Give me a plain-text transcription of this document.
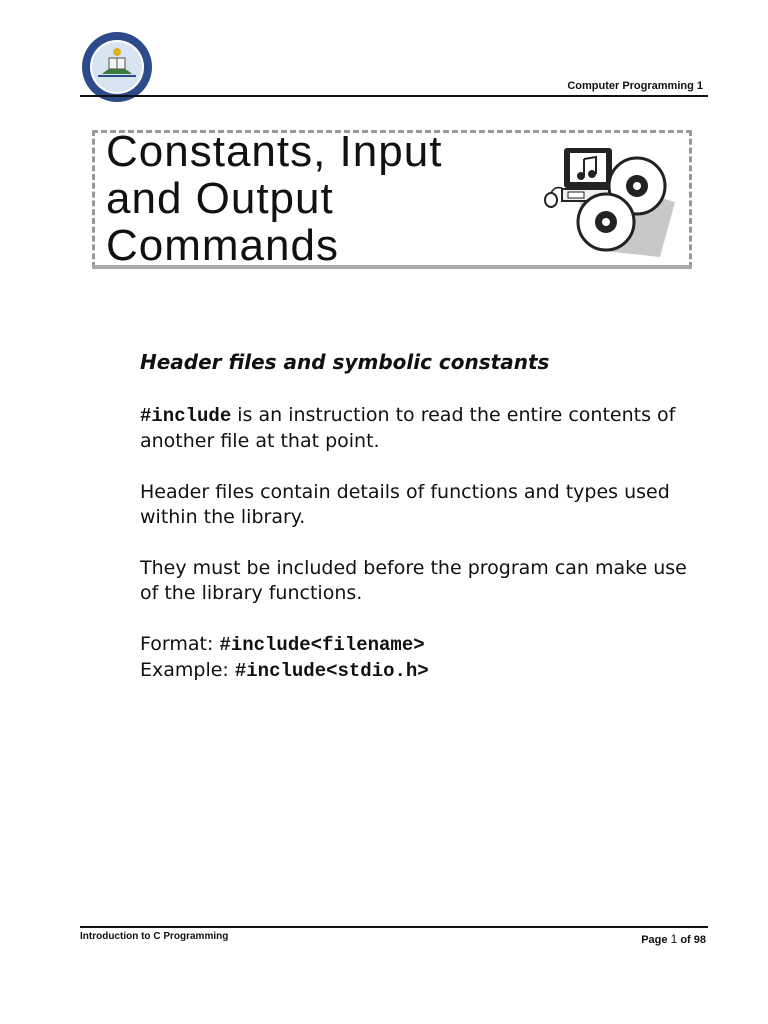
Computer Programming 1
Constants, Input
and Output
Commands

Header files and symbolic constants

#include is an instruction to read the entire contents of another file at that point.

Header files contain details of functions and types used within the library.

They must be included before the program can make use of the library functions.

Format: #include<filename>
Example: #include<stdio.h>

Introduction to C Programming	Page 1 of 98
